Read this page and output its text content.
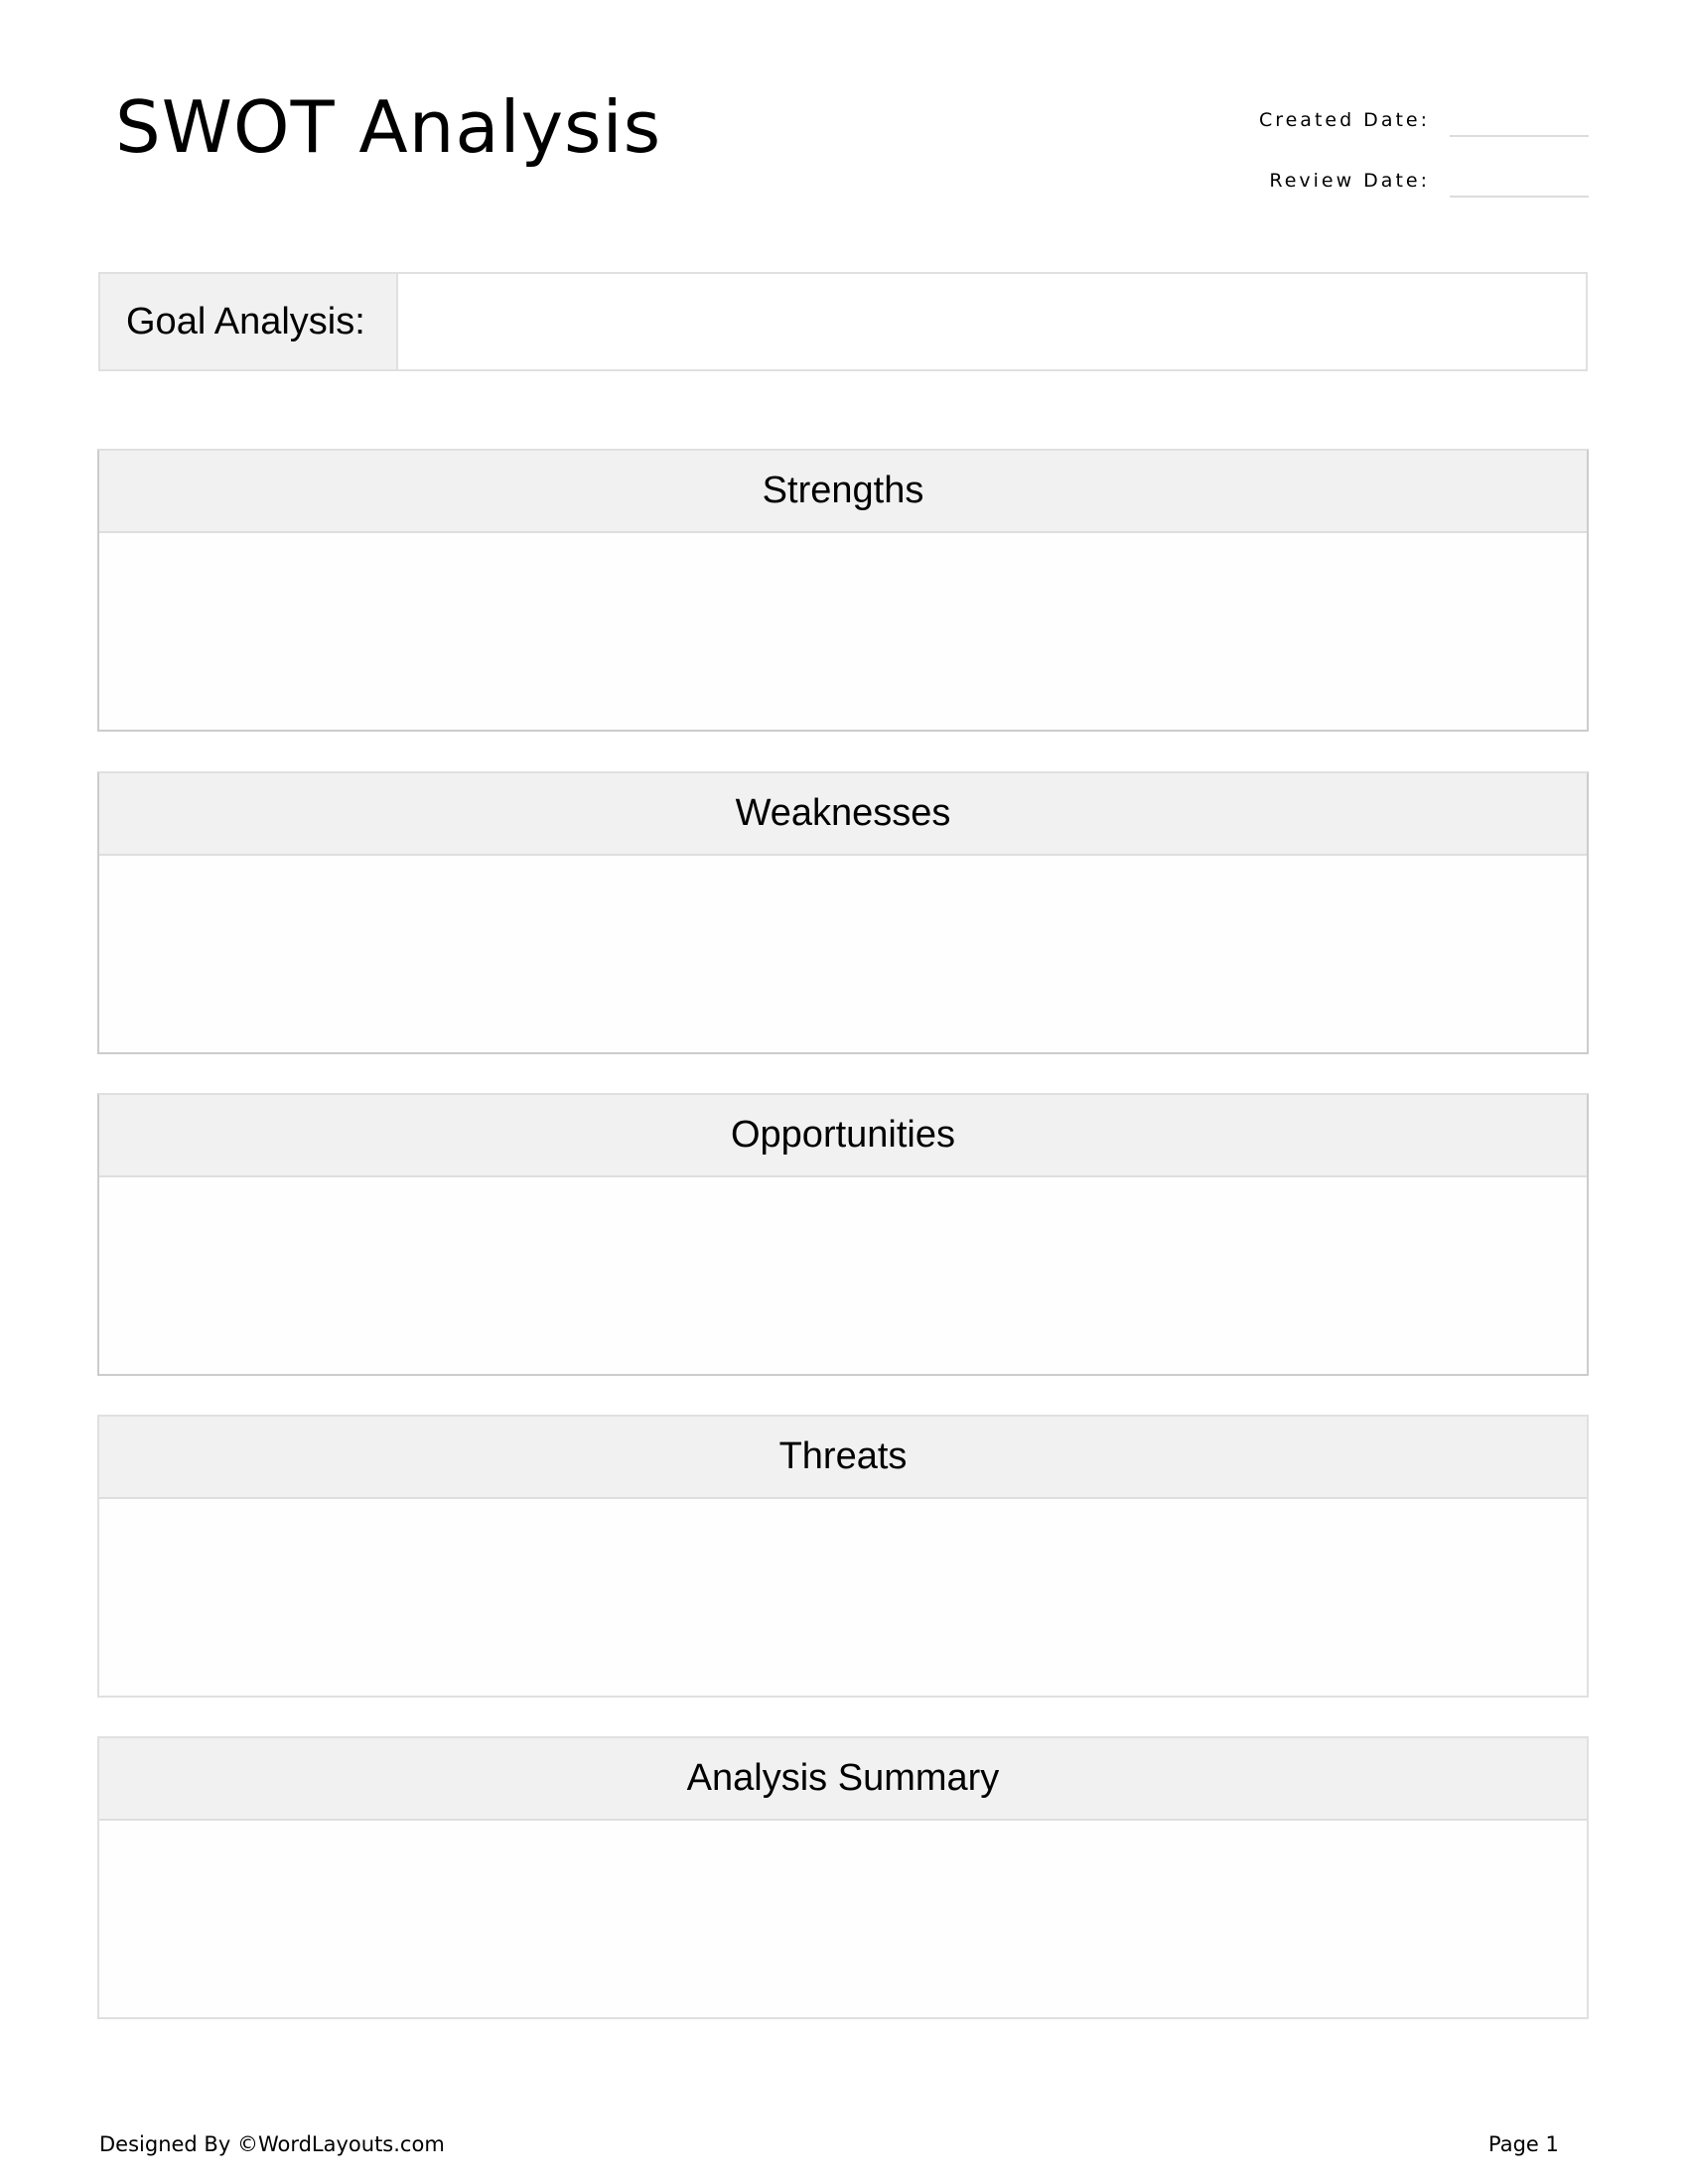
SWOT Analysis	Created Date:
Review Date:
Goal Analysis:
Strengths
Weaknesses
Opportunities
Threats
Analysis Summary
Designed By ©WordLayouts.com	Page 1
